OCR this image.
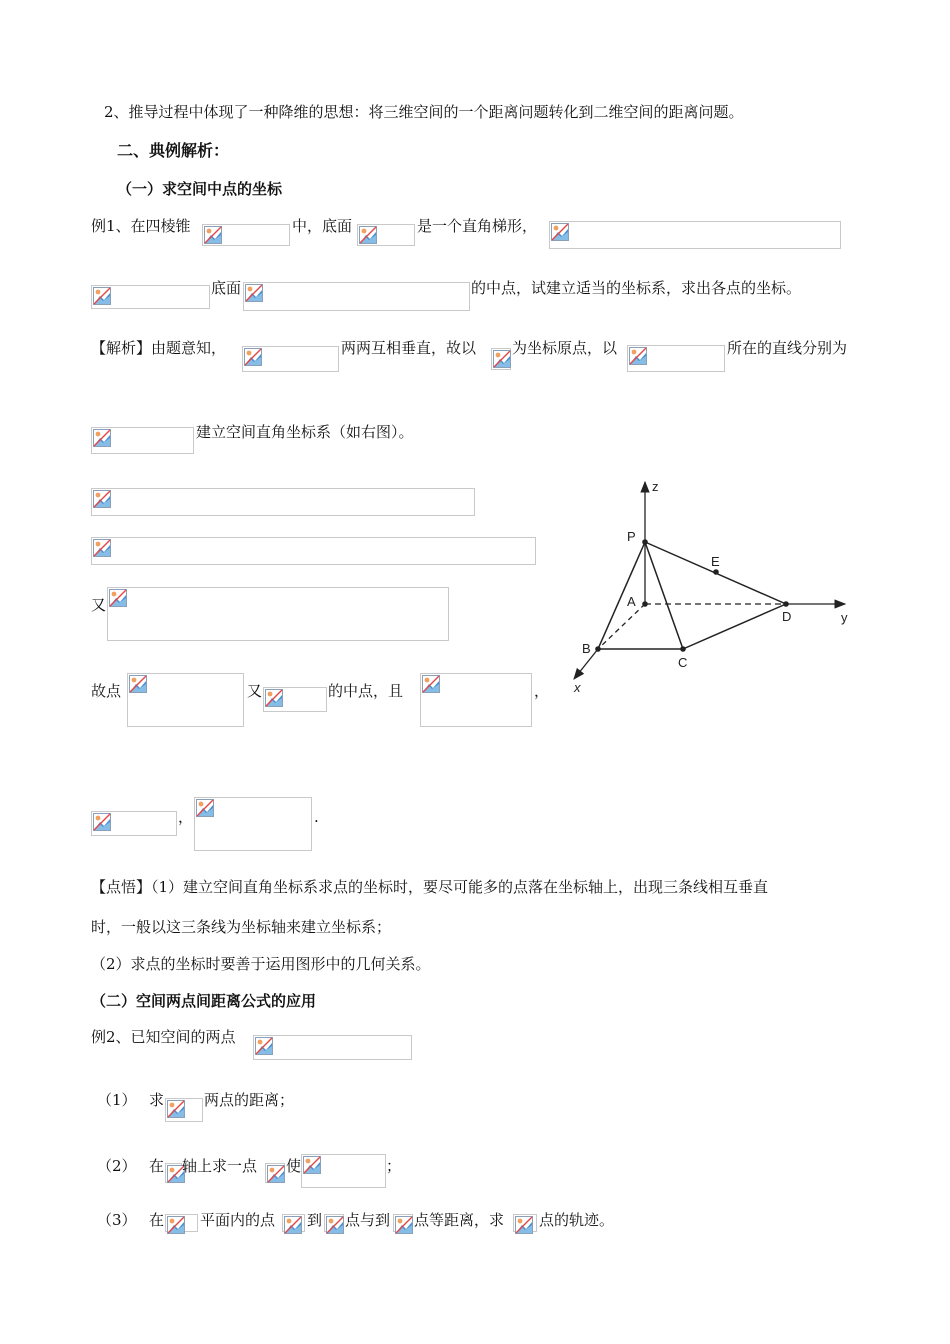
2、推导过程中体现了一种降维的思想：将三维空间的一个距离问题转化到二维空间的距离问题。
二、典例解析：
（一）求空间中点的坐标
例1、在四棱锥	中，底面	是一个直角梯形，
底面	的中点，试建立适当的坐标系，求出各点的坐标。
【解析】由题意知，	两两互相垂直，故以 为坐标原点，以	所在的直线分别为
建立空间直角坐标系（如右图）。
又
故点	又	的中点，且	，
，	.
z
P
E
A
D	y
B
C
x
【点悟】（1）建立空间直角坐标系求点的坐标时，要尽可能多的点落在坐标轴上，出现三条线相互垂直
时，一般以这三条线为坐标轴来建立坐标系；
（2）求点的坐标时要善于运用图形中的几何关系。
（二）空间两点间距离公式的应用
例2、已知空间的两点
（1） 求	两点的距离；
（2） 在 轴上求一点 使	；
（3） 在 平面内的点 到 点与到 点等距离，求 点的轨迹。
